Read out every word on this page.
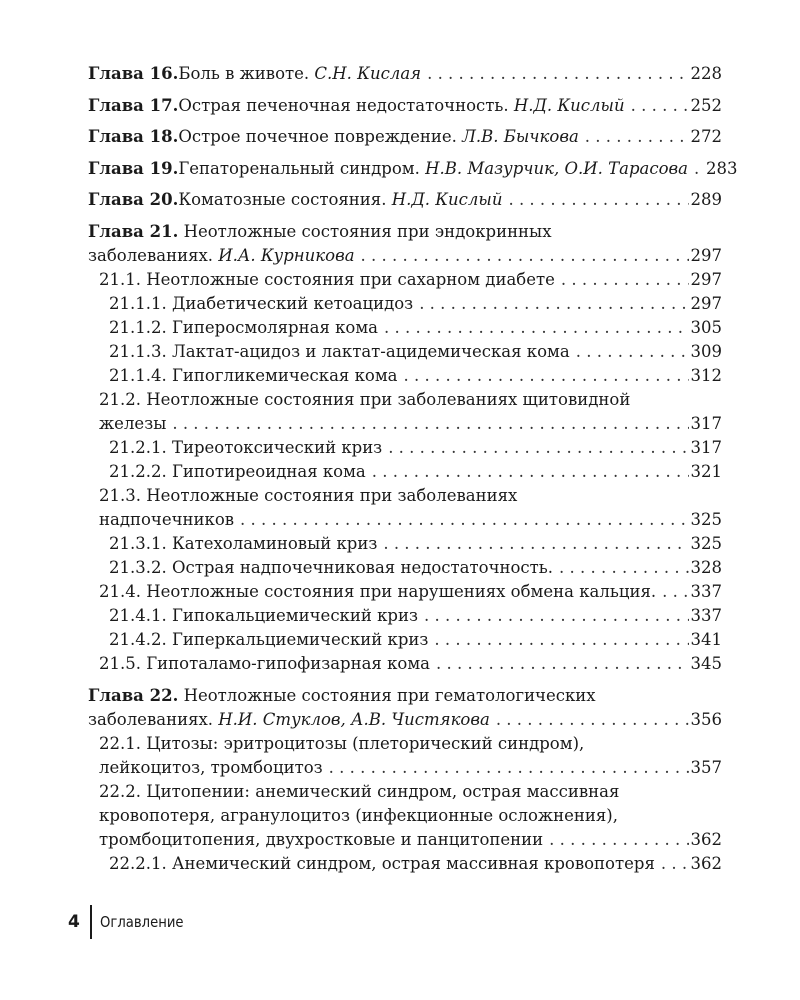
Глава 16. Боль в животе.
С.Н. Кислая . . .	228
Глава 17. Острая печеночная недостаточность.
Н.Д. Кислый . . .	252
Глава 18. Острое почечное повреждение.
Л.В. Бычкова . . .	272
Глава 19. Гепаторенальный синдром.
Н.В. Мазурчик, О.И. Тарасова . . . 283
Глава 20. Коматозные состояния.
Н.Д. Кислый . . .	289
Глава 21. Неотложные состояния при эндокринных
заболеваниях.
И.А. Курникова . . .	297
21.1. Неотложные состояния при сахарном диабете . . .	297
21.1.1. Диабетический кетоацидоз . . .	297
21.1.2. Гиперосмолярная кома . . .	305
21.1.3. Лактат-ацидоз и лактат-ацидемическая кома . . .	309
21.1.4. Гипогликемическая кома . . .	312
21.2. Неотложные состояния при заболеваниях щитовидной
железы . . .	317
21.2.1. Тиреотоксический криз . . .	317
21.2.2. Гипотиреоидная кома . . .	321
21.3. Неотложные состояния при заболеваниях
надпочечников . . .	325
21.3.1. Катехоламиновый криз . . .	325
21.3.2. Острая надпочечниковая недостаточность. . . .	328
21.4. Неотложные состояния при нарушениях обмена кальция. . . . 337
21.4.1. Гипокальциемический криз . . .	337
21.4.2. Гиперкальциемический криз . . .	341
21.5. Гипоталамо-гипофизарная кома . . .	345
Глава 22. Неотложные состояния при гематологических
заболеваниях.
Н.И. Стуклов, А.В. Чистякова . . .	356
22.1. Цитозы: эритроцитозы (плеторический синдром),
лейкоцитоз, тромбоцитоз . . .	357
22.2. Цитопении: анемический синдром, острая массивная кровопотеря, агранулоцитоз (инфекционные осложнения),
тромбоцитопения, двухростковые и панцитопении . . .	362
22.2.1. Анемический синдром, острая массивная кровопотеря . . . 362
4 Оглавление
